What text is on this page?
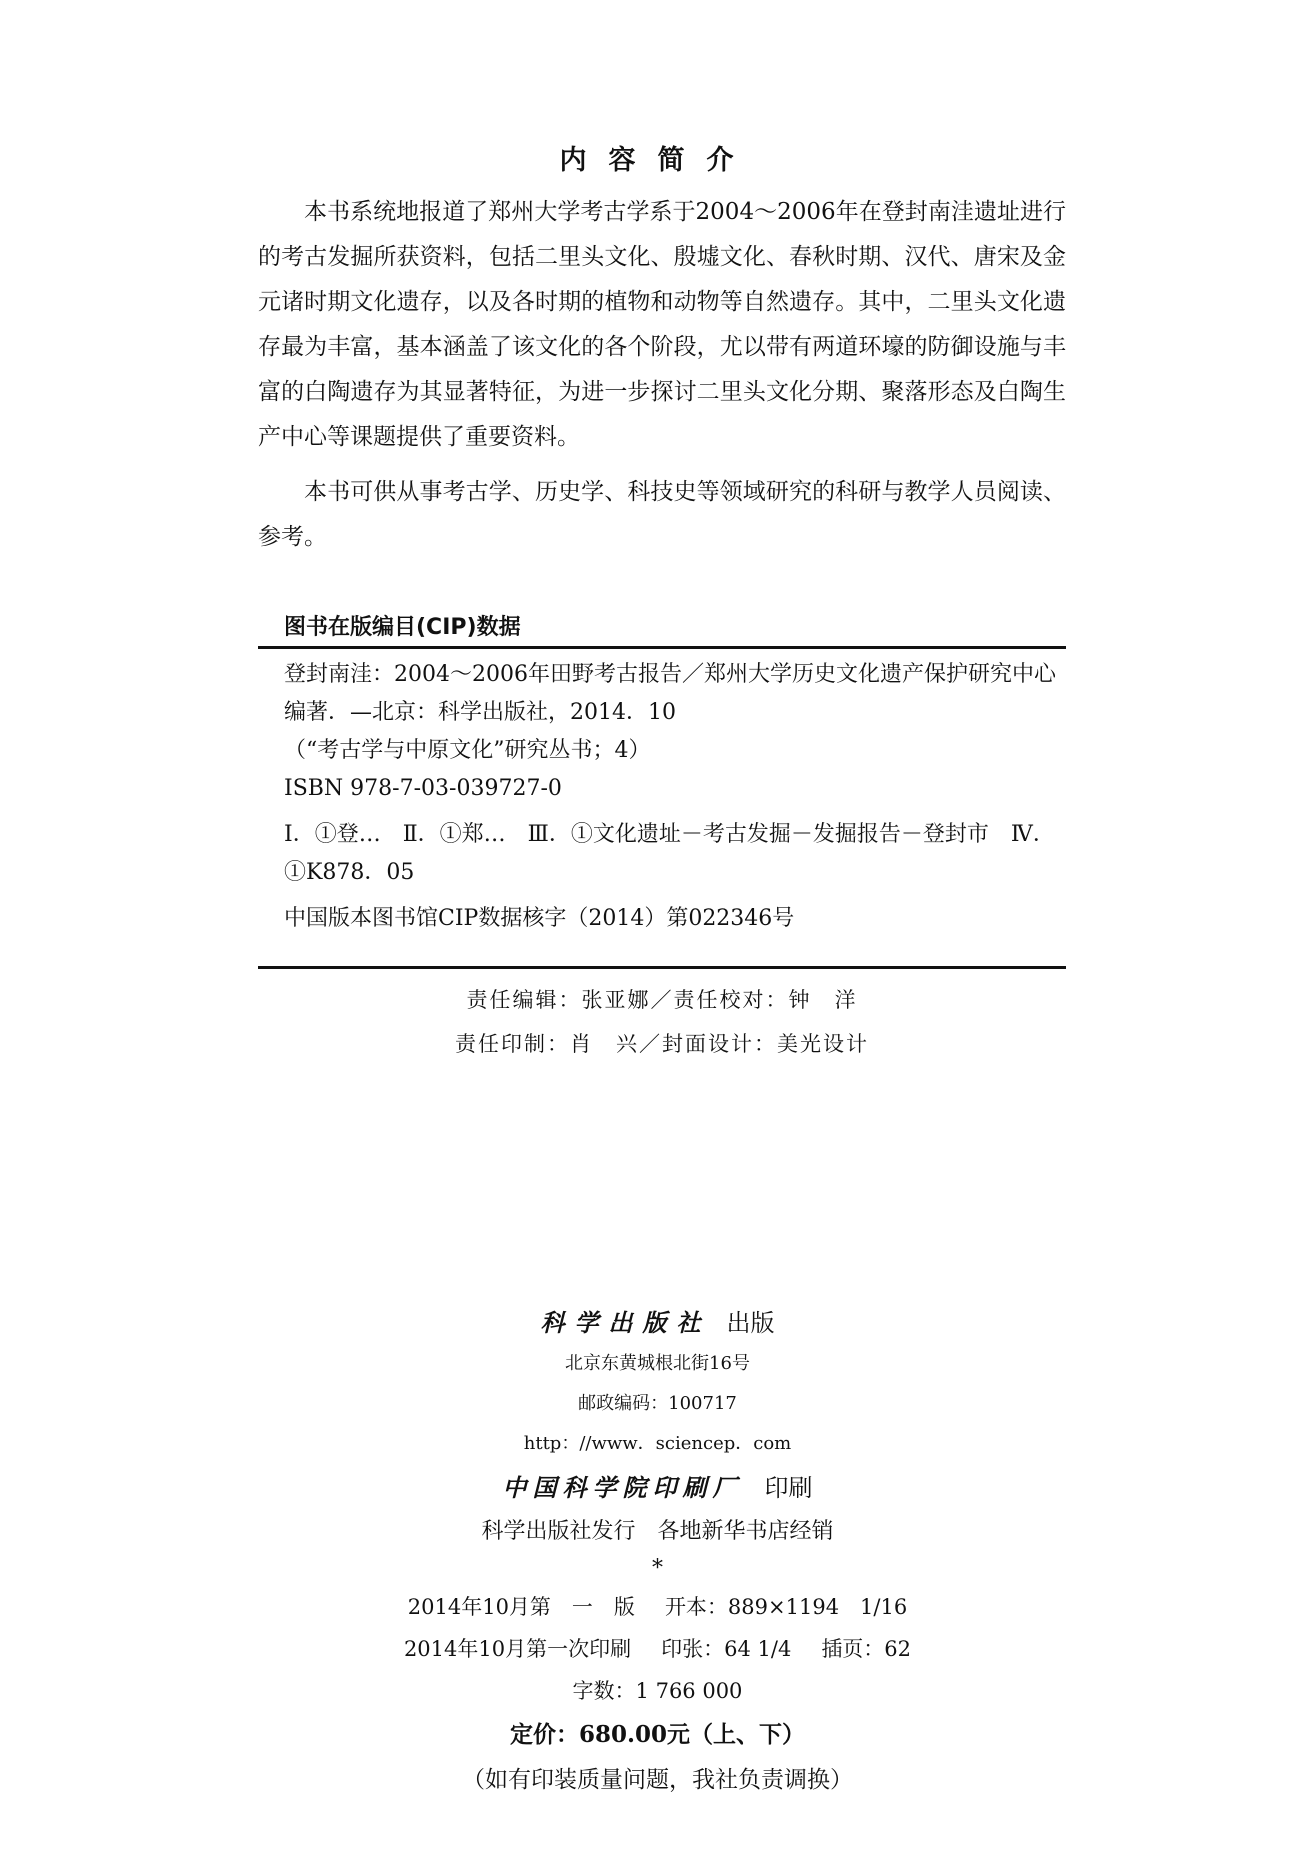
内容简介

本书系统地报道了郑州大学考古学系于2004～2006年在登封南洼遗址进行的考古发掘所获资料，包括二里头文化、殷墟文化、春秋时期、汉代、唐宋及金元诸时期文化遗存，以及各时期的植物和动物等自然遗存。其中，二里头文化遗存最为丰富，基本涵盖了该文化的各个阶段，尤以带有两道环壕的防御设施与丰富的白陶遗存为其显著特征，为进一步探讨二里头文化分期、聚落形态及白陶生产中心等课题提供了重要资料。

本书可供从事考古学、历史学、科技史等领域研究的科研与教学人员阅读、参考。

图书在版编目(CIP)数据
登封南洼：2004～2006年田野考古报告／郑州大学历史文化遗产保护研究中心编著．—北京：科学出版社，2014．10
（“考古学与中原文化”研究丛书；4）
ISBN 978-7-03-039727-0
Ⅰ．①登…　Ⅱ．①郑…　Ⅲ．①文化遗址－考古发掘－发掘报告－登封市　Ⅳ．①K878．05
中国版本图书馆CIP数据核字（2014）第022346号
责任编辑：张亚娜／责任校对：钟　洋
责任印制：肖　兴／封面设计：美光设计
科学出版社 出版
北京东黄城根北街16号
邮政编码：100717
http：//www．sciencep．com
中国科学院印刷厂 印刷
科学出版社发行　各地新华书店经销
*
2014年10月第　一　版 开本：889×1194　1/16
2014年10月第一次印刷 印张：64 1/4 插页：62
字数：1 766 000
定价：680.00元（上、下）
（如有印装质量问题，我社负责调换）
